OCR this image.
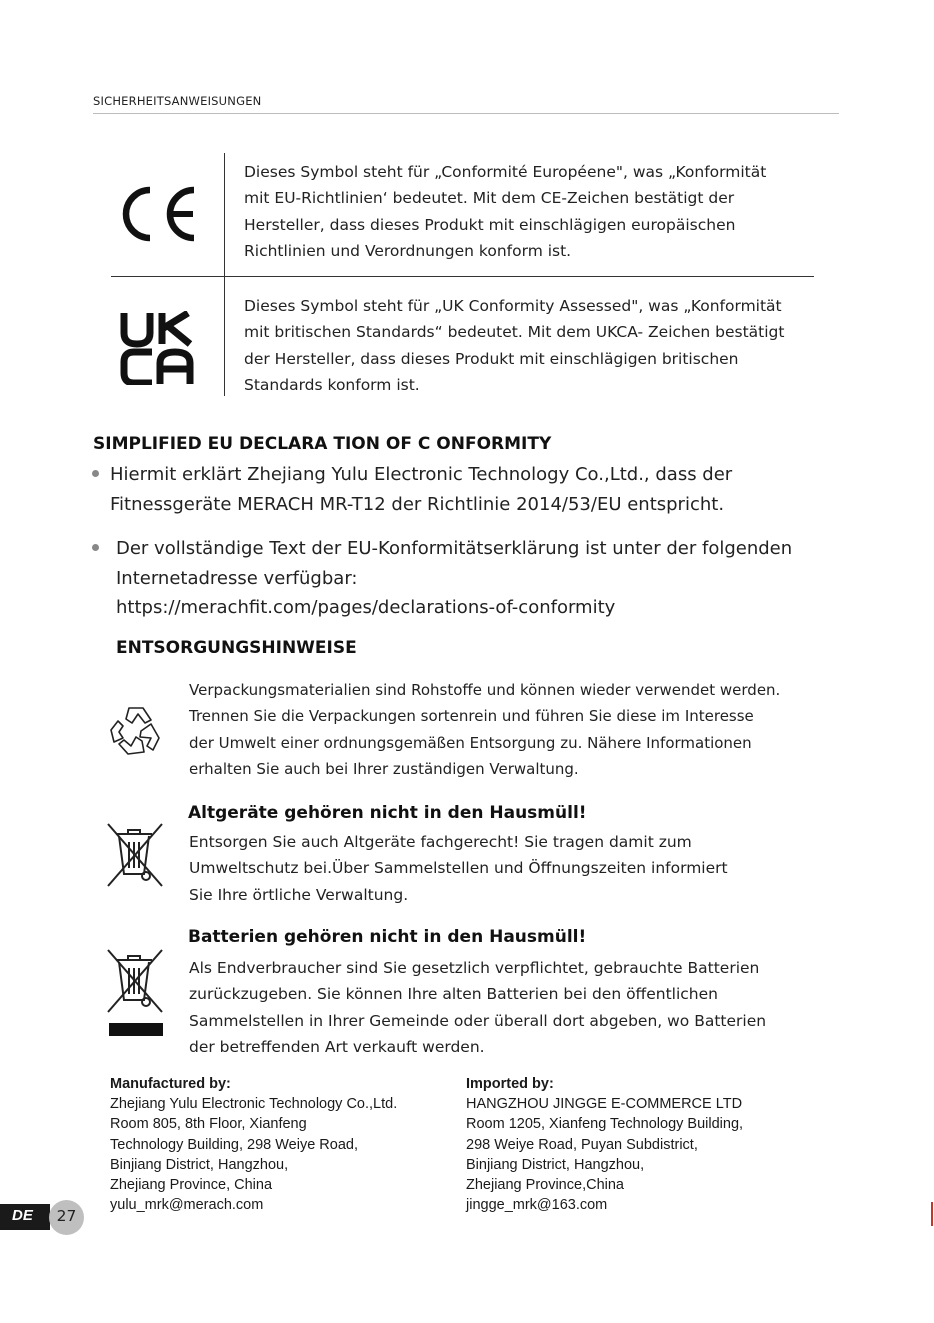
SICHERHEITSANWEISUNGEN
Dieses Symbol steht für „Conformité Européene", was „Konformität
mit EU-Richtlinien‘ bedeutet. Mit dem CE-Zeichen bestätigt der
Hersteller, dass dieses Produkt mit einschlägigen europäischen
Richtlinien und Verordnungen konform ist.
Dieses Symbol steht für „UK Conformity Assessed", was „Konformität
mit britischen Standards“ bedeutet. Mit dem UKCA- Zeichen bestätigt
der Hersteller, dass dieses Produkt mit einschlägigen britischen
Standards konform ist.
SIMPLIFIED EU DECLARA TION OF C ONFORMITY
Hiermit erklärt Zhejiang Yulu Electronic Technology Co.,Ltd., dass der
Fitnessgeräte MERACH MR-T12 der Richtlinie 2014/53/EU entspricht.
Der vollständige Text der EU-Konformitätserklärung ist unter der folgenden
Internetadresse verfügbar:
https://merachfit.com/pages/declarations-of-conformity
ENTSORGUNGSHINWEISE
Verpackungsmaterialien sind Rohstoffe und können wieder verwendet werden.
Trennen Sie die Verpackungen sortenrein und führen Sie diese im Interesse
der Umwelt einer ordnungsgemäßen Entsorgung zu. Nähere Informationen
erhalten Sie auch bei Ihrer zuständigen Verwaltung.
Altgeräte gehören nicht in den Hausmüll!
Entsorgen Sie auch Altgeräte fachgerecht! Sie tragen damit zum
Umweltschutz bei.Über Sammelstellen und Öffnungszeiten informiert
Sie Ihre örtliche Verwaltung.
Batterien gehören nicht in den Hausmüll!
Als Endverbraucher sind Sie gesetzlich verpflichtet, gebrauchte Batterien
zurückzugeben. Sie können Ihre alten Batterien bei den öffentlichen
Sammelstellen in Ihrer Gemeinde oder überall dort abgeben, wo Batterien
der betreffenden Art verkauft werden.
Manufactured by:
Zhejiang Yulu Electronic Technology Co.,Ltd.
Room 805, 8th Floor, Xianfeng
Technology Building, 298 Weiye Road,
Binjiang District, Hangzhou,
Zhejiang Province, China
yulu_mrk@merach.com
Imported by:
HANGZHOU JINGGE E-COMMERCE LTD
Room 1205, Xianfeng Technology Building,
298 Weiye Road, Puyan Subdistrict,
Binjiang District, Hangzhou,
Zhejiang Province,China
jingge_mrk@163.com
DE	27
